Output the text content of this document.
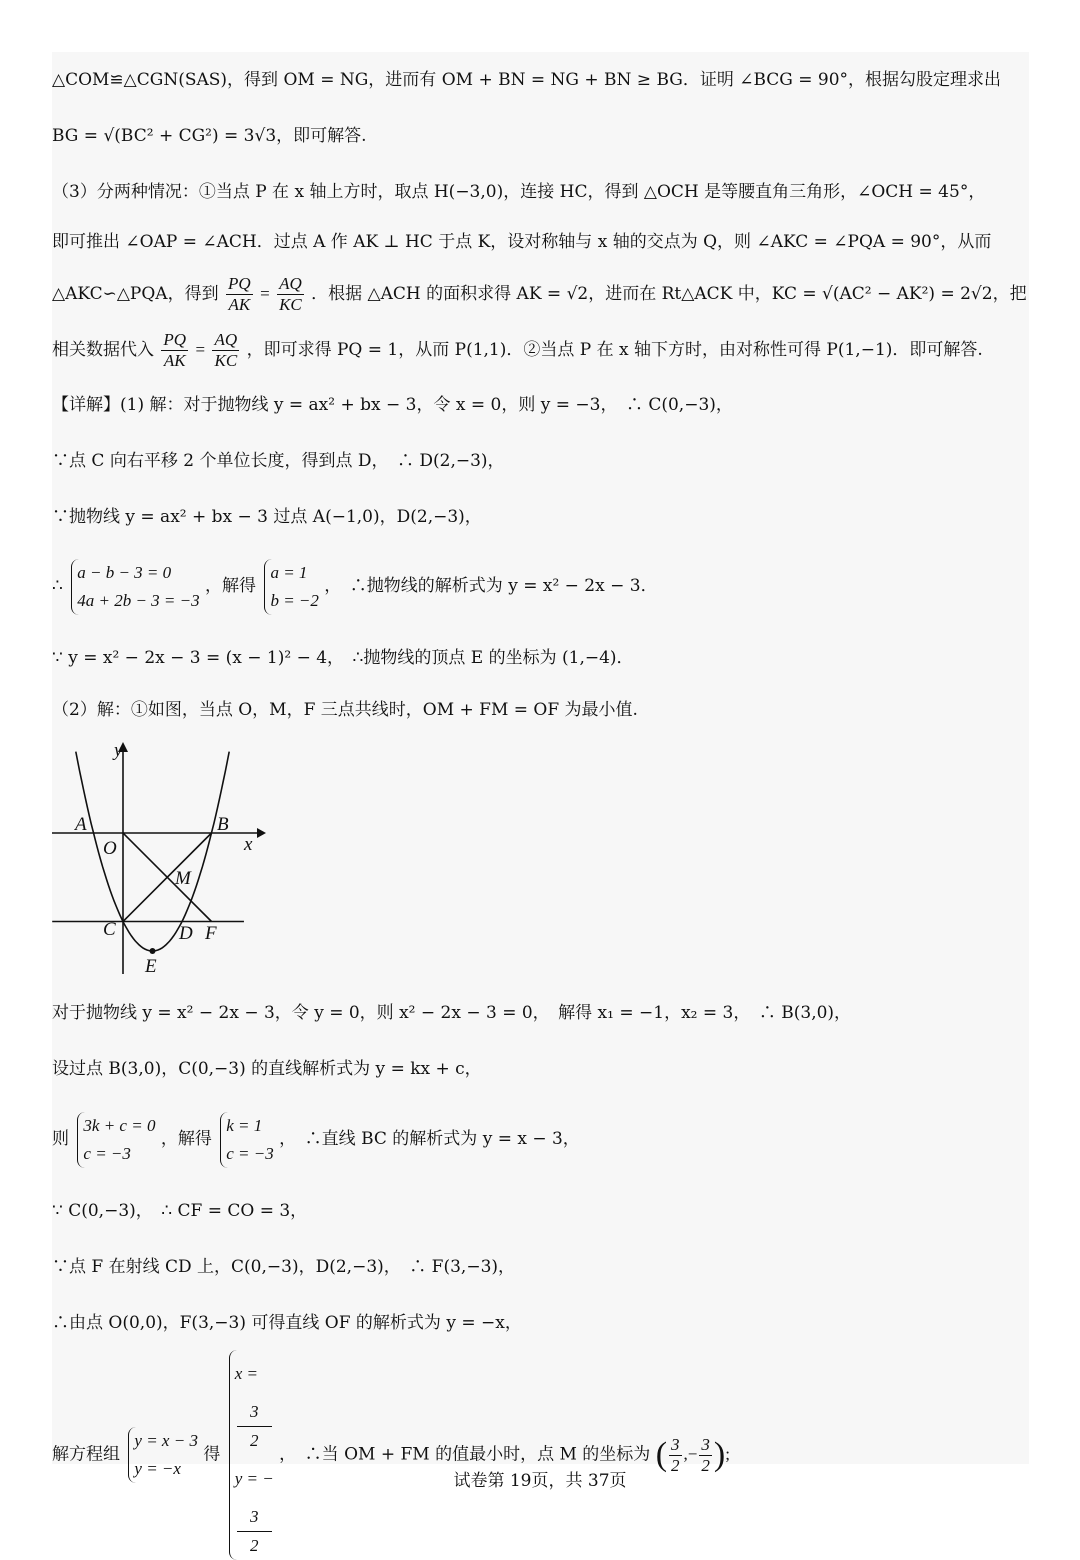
△COM≌△CGN(SAS)，得到 OM = NG，进而有 OM + BN = NG + BN ≥ BG．证明 ∠BCG = 90°，根据勾股定理求出
BG = √(BC² + CG²) = 3√3，即可解答.
（3）分两种情况：①当点 P 在 x 轴上方时，取点 H(−3,0)，连接 HC，得到 △OCH 是等腰直角三角形，∠OCH = 45°，
即可推出 ∠OAP = ∠ACH．过点 A 作 AK ⊥ HC 于点 K，设对称轴与 x 轴的交点为 Q，则 ∠AKC = ∠PQA = 90°，从而
△AKC∽△PQA，得到 $\frac{PQ}{AK} = \frac{AQ}{KC}$ ．根据 △ACH 的面积求得 AK = √2，进而在 Rt△ACK 中，KC = √(AC² − AK²) = 2√2，把
相关数据代入 $\frac{PQ}{AK} = \frac{AQ}{KC}$ ，即可求得 PQ = 1，从而 P(1,1)．②当点 P 在 x 轴下方时，由对称性可得 P(1,−1)．即可解答.
【详解】(1) 解：对于抛物线 y = ax² + bx − 3，令 x = 0，则 y = −3，　∴ C(0,−3)，
∵点 C 向右平移 2 个单位长度，得到点 D，　∴ D(2,−3)，
∵抛物线 y = ax² + bx − 3 过点 A(−1,0)，D(2,−3)，
∴
a − b − 3 = 0
4a + 2b − 3 = −3
，解得
a = 1
b = −2
，　∴抛物线的解析式为 y = x² − 2x − 3．
∵ y = x² − 2x − 3 = (x − 1)² − 4，　∴抛物线的顶点 E 的坐标为 (1,−4)．
（2）解：①如图，当点 O，M，F 三点共线时，OM + FM = OF 为最小值.
对于抛物线 y = x² − 2x − 3，令 y = 0，则 x² − 2x − 3 = 0，　解得 x₁ = −1，x₂ = 3，　∴ B(3,0)，
设过点 B(3,0)，C(0,−3) 的直线解析式为 y = kx + c，
则
3k + c = 0
c = −3
，解得
k = 1
c = −3
，　∴直线 BC 的解析式为 y = x − 3，
∵ C(0,−3)，　∴ CF = CO = 3，
∵点 F 在射线 CD 上，C(0,−3)，D(2,−3)，　∴ F(3,−3)，
∴由点 O(0,0)，F(3,−3) 可得直线 OF 的解析式为 y = −x，
解方程组
y = x − 3
y = −x
得
x =
3
2
y = −
3
2
，　∴当 OM + FM 的值最小时，点 M 的坐标为 ( $\frac{3}{2}$ ,− $\frac{3}{2}$ );
y
x
A	B
O
M
C	D F
E
试卷第 19页，共 37页
